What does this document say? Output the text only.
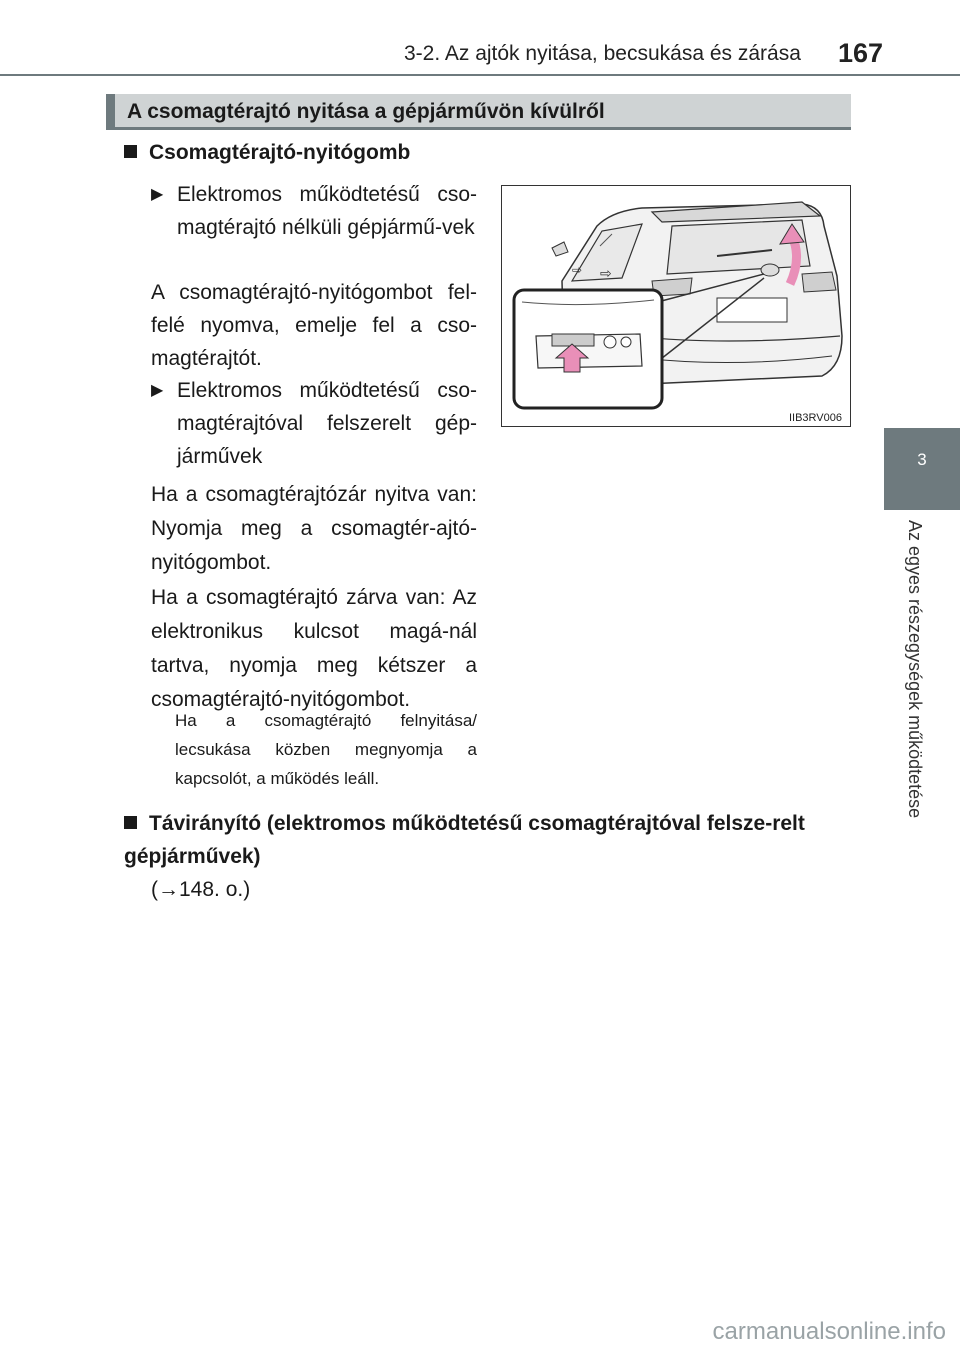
3-2. Az ajtók nyitása, becsukása és zárása 167
3
Az egyes részegységek működtetése
A csomagtérajtó nyitása a gépjárművön kívülről
Csomagtérajtó-nyitógomb
▶ Elektromos működtetésű cso-magtérajtó nélküli gépjármű-vek
A csomagtérajtó-nyitógombot fel-felé nyomva, emelje fel a cso-magtérajtót.
▶ Elektromos működtetésű cso-magtérajtóval felszerelt gép-járművek
Ha a csomagtérajtózár nyitva van: Nyomja meg a csomagtér-ajtó-nyitógombot.
Ha a csomagtérajtó zárva van: Az elektronikus kulcsot magá-nál tartva, nyomja meg kétszer a csomagtérajtó-nyitógombot.
Ha a csomagtérajtó felnyitása/ lecsukása közben megnyomja a kapcsolót, a működés leáll.
Távirányító (elektromos működtetésű csomagtérajtóval felsze-relt gépjárművek)
(→148. o.)
⇨ ⇨
IIB3RV006
carmanualsonline.info
